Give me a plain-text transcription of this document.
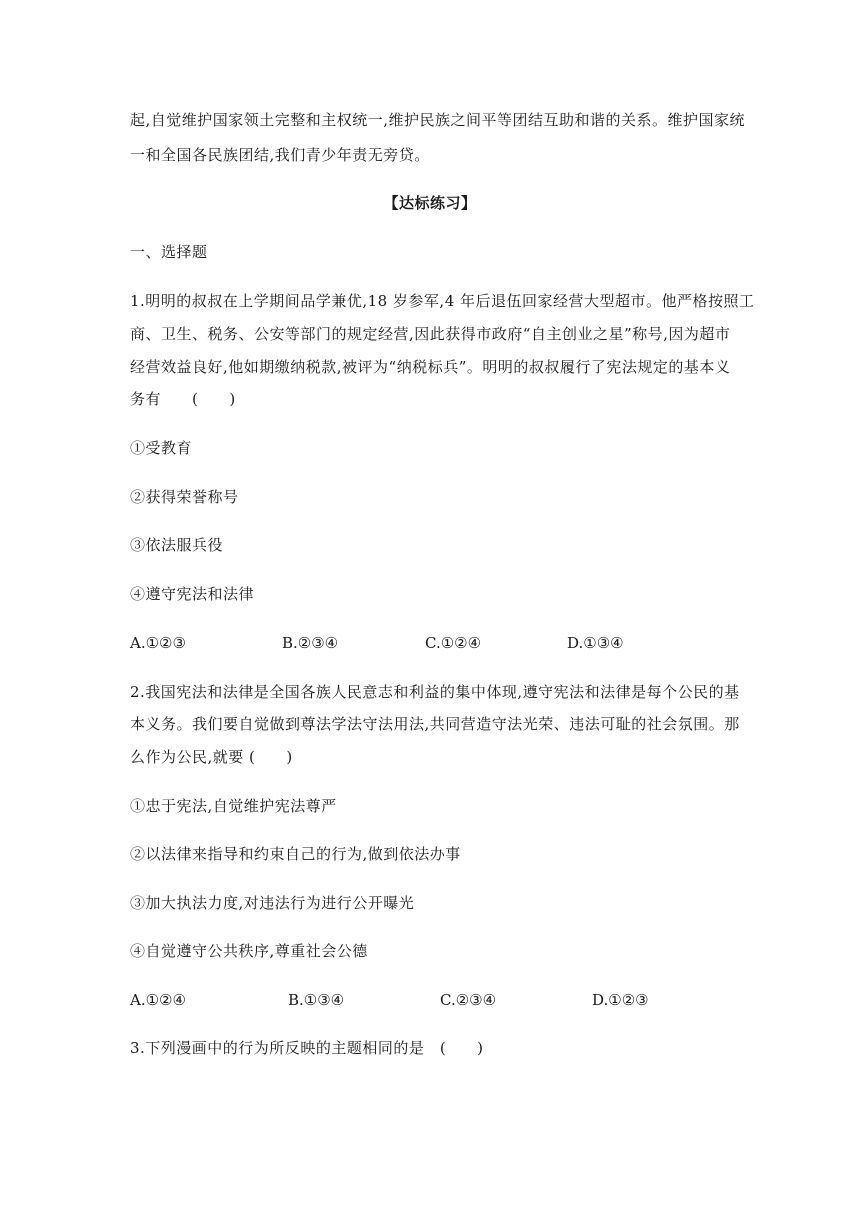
起,自觉维护国家领土完整和主权统一,维护民族之间平等团结互助和谐的关系。维护国家统
一和全国各民族团结,我们青少年责无旁贷。
【达标练习】
一、选择题
1.明明的叔叔在上学期间品学兼优,18 岁参军,4 年后退伍回家经营大型超市。他严格按照工
商、卫生、税务、公安等部门的规定经营,因此获得市政府“自主创业之星”称号,因为超市
经营效益良好,他如期缴纳税款,被评为“纳税标兵”。明明的叔叔履行了宪法规定的基本义
务有　　(　　)
①受教育
②获得荣誉称号
③依法服兵役
④遵守宪法和法律
A.①②③	B.②③④	C.①②④	D.①③④
2.我国宪法和法律是全国各族人民意志和利益的集中体现,遵守宪法和法律是每个公民的基
本义务。我们要自觉做到尊法学法守法用法,共同营造守法光荣、违法可耻的社会氛围。那
么作为公民,就要 (　　)
①忠于宪法,自觉维护宪法尊严
②以法律来指导和约束自己的行为,做到依法办事
③加大执法力度,对违法行为进行公开曝光
④自觉遵守公共秩序,尊重社会公德
A.①②④	B.①③④	C.②③④	D.①②③
3.下列漫画中的行为所反映的主题相同的是　(　　)
